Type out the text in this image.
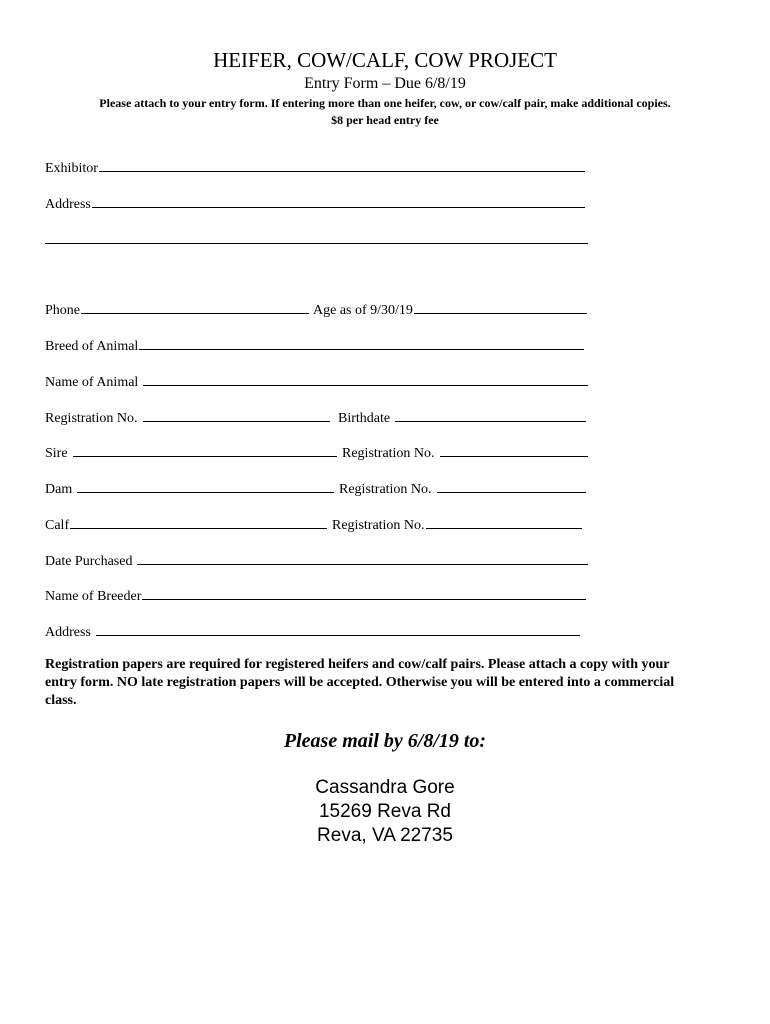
HEIFER, COW/CALF, COW PROJECT
Entry Form – Due 6/8/19
Please attach to your entry form. If entering more than one heifer, cow, or cow/calf pair, make additional copies.
$8 per head entry fee
Exhibitor
Address
Phone	Age as of 9/30/19
Breed of Animal
Name of Animal
Registration No.	Birthdate
Sire	Registration No.
Dam	Registration No.
Calf	Registration No.
Date Purchased
Name of Breeder
Address
Registration papers are required for registered heifers and cow/calf pairs. Please attach a copy with your entry form. NO late registration papers will be accepted. Otherwise you will be entered into a commercial class.
Please mail by 6/8/19 to:
Cassandra Gore
15269 Reva Rd
Reva, VA 22735
